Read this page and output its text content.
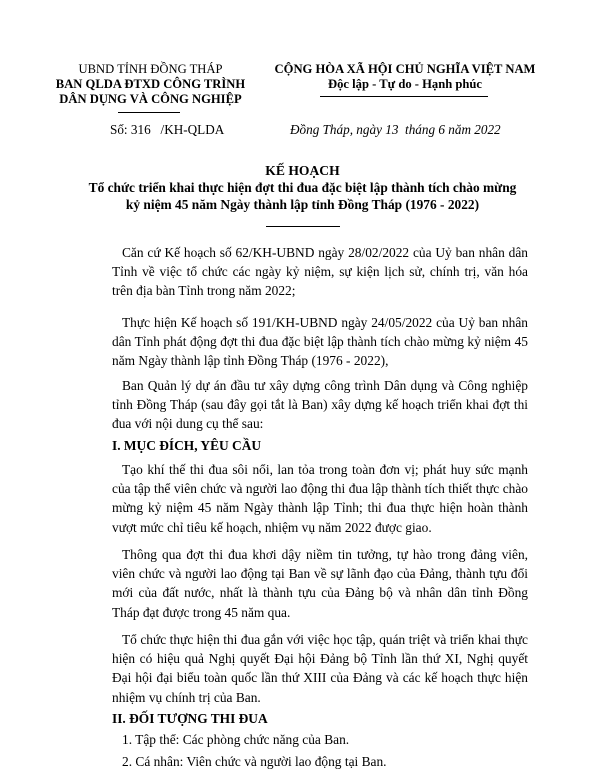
UBND TỈNH ĐỒNG THÁP
BAN QLDA ĐTXD CÔNG TRÌNH
DÂN DỤNG VÀ CÔNG NGHIỆP
Số: 316   /KH-QLDA
CỘNG HÒA XÃ HỘI CHỦ NGHĨA VIỆT NAM
Độc lập - Tự do - Hạnh phúc
Đồng Tháp, ngày 13  tháng 6 năm 2022
KẾ HOẠCH
Tổ chức triển khai thực hiện đợt thi đua đặc biệt lập thành tích chào mừng
kỷ niệm 45 năm Ngày thành lập tỉnh Đồng Tháp (1976 - 2022)
Căn cứ Kế hoạch số 62/KH-UBND ngày 28/02/2022 của Uỷ ban nhân dân Tỉnh về việc tổ chức các ngày kỷ niệm, sự kiện lịch sử, chính trị, văn hóa trên địa bàn Tỉnh trong năm 2022;
Thực hiện Kế hoạch số 191/KH-UBND ngày 24/05/2022 của Uỷ ban nhân dân Tỉnh phát động đợt thi đua đặc biệt lập thành tích chào mừng kỷ niệm 45 năm Ngày thành lập tỉnh Đồng Tháp (1976 - 2022),
Ban Quản lý dự án đầu tư xây dựng công trình Dân dụng và Công nghiệp tỉnh Đồng Tháp (sau đây gọi tắt là Ban) xây dựng kế hoạch triển khai đợt thi đua với nội dung cụ thể sau:
I. MỤC ĐÍCH, YÊU CẦU
Tạo khí thế thi đua sôi nổi, lan tỏa trong toàn đơn vị; phát huy sức mạnh của tập thể viên chức và người lao động thi đua lập thành tích thiết thực chào mừng kỷ niệm 45 năm Ngày thành lập Tỉnh; thi đua thực hiện hoàn thành vượt mức chỉ tiêu kế hoạch, nhiệm vụ năm 2022 được giao.
Thông qua đợt thi đua khơi dậy niềm tin tưởng, tự hào trong đảng viên, viên chức và người lao động tại Ban về sự lãnh đạo của Đảng, thành tựu đổi mới của đất nước, nhất là thành tựu của Đảng bộ và nhân dân tỉnh Đồng Tháp đạt được trong 45 năm qua.
Tổ chức thực hiện thi đua gắn với việc học tập, quán triệt và triển khai thực hiện có hiệu quả Nghị quyết Đại hội Đảng bộ Tỉnh lần thứ XI, Nghị quyết Đại hội đại biểu toàn quốc lần thứ XIII của Đảng và các kế hoạch thực hiện nhiệm vụ chính trị của Ban.
II. ĐỐI TƯỢNG THI ĐUA
1. Tập thể: Các phòng chức năng của Ban.
2. Cá nhân: Viên chức và người lao động tại Ban.
